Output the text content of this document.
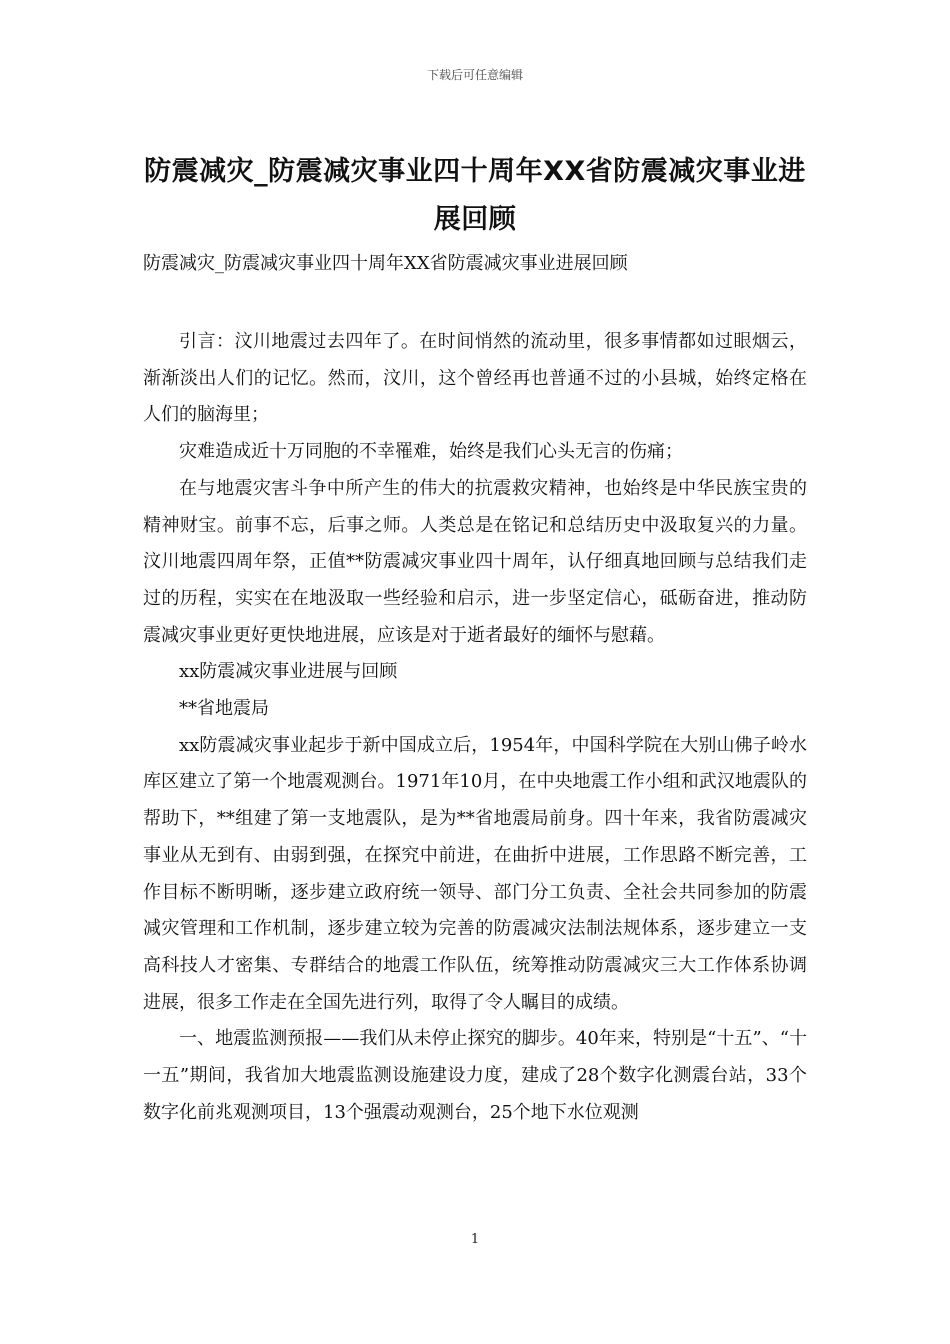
下载后可任意编辑
防震减灾_防震减灾事业四十周年XX省防震减灾事业进展回顾
防震减灾_防震减灾事业四十周年XX省防震减灾事业进展回顾

引言：汶川地震过去四年了。在时间悄然的流动里，很多事情都如过眼烟云，渐渐淡出人们的记忆。然而，汶川，这个曾经再也普通不过的小县城，始终定格在人们的脑海里；

灾难造成近十万同胞的不幸罹难，始终是我们心头无言的伤痛；

在与地震灾害斗争中所产生的伟大的抗震救灾精神，也始终是中华民族宝贵的精神财宝。前事不忘，后事之师。人类总是在铭记和总结历史中汲取复兴的力量。汶川地震四周年祭，正值**防震减灾事业四十周年，认仔细真地回顾与总结我们走过的历程，实实在在地汲取一些经验和启示，进一步坚定信心，砥砺奋进，推动防震减灾事业更好更快地进展，应该是对于逝者最好的缅怀与慰藉。

xx防震减灾事业进展与回顾

**省地震局

xx防震减灾事业起步于新中国成立后，1954年，中国科学院在大别山佛子岭水库区建立了第一个地震观测台。1971年10月，在中央地震工作小组和武汉地震队的帮助下，**组建了第一支地震队，是为**省地震局前身。四十年来，我省防震减灾事业从无到有、由弱到强，在探究中前进，在曲折中进展，工作思路不断完善，工作目标不断明晰，逐步建立政府统一领导、部门分工负责、全社会共同参加的防震减灾管理和工作机制，逐步建立较为完善的防震减灾法制法规体系，逐步建立一支高科技人才密集、专群结合的地震工作队伍，统筹推动防震减灾三大工作体系协调进展，很多工作走在全国先进行列，取得了令人瞩目的成绩。

一、地震监测预报——我们从未停止探究的脚步。40年来，特别是“十五”、“十一五”期间，我省加大地震监测设施建设力度，建成了28个数字化测震台站，33个数字化前兆观测项目，13个强震动观测台，25个地下水位观测

1
